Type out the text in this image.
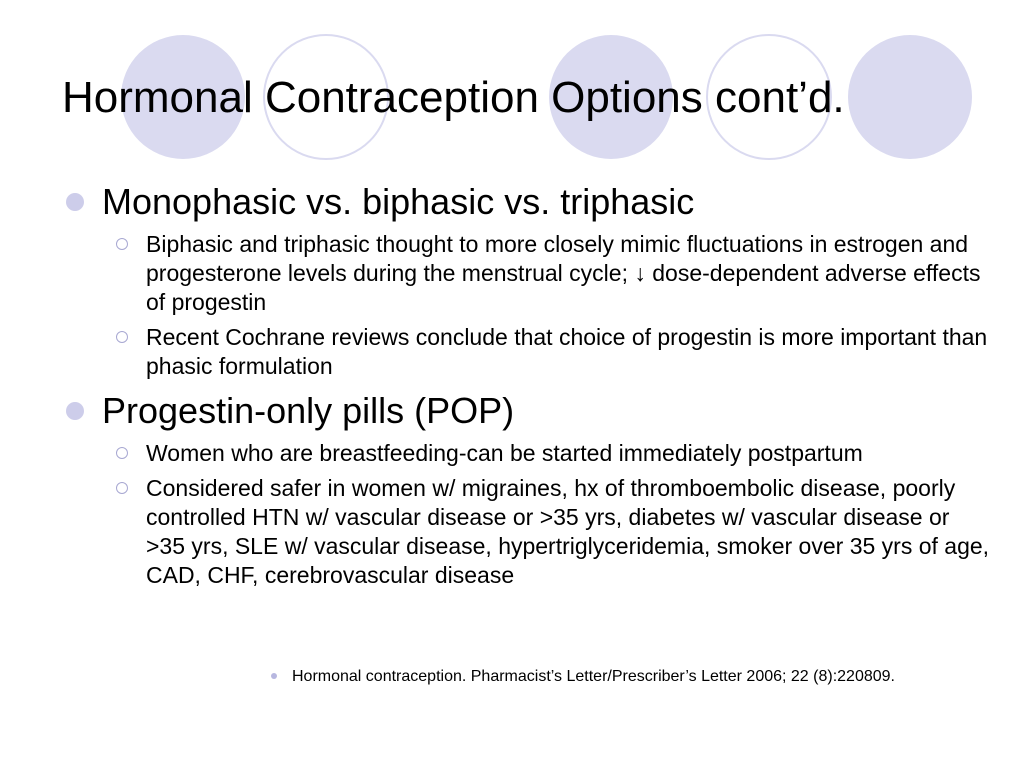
Hormonal Contraception Options cont’d.
Monophasic vs. biphasic vs. triphasic
Biphasic and triphasic thought to more closely mimic fluctuations in estrogen and progesterone levels during the menstrual cycle; ↓ dose-dependent adverse effects of progestin
Recent Cochrane reviews conclude that choice of progestin is more important than phasic formulation
Progestin-only pills (POP)
Women who are breastfeeding-can be started immediately postpartum
Considered safer in women w/ migraines, hx of thromboembolic disease, poorly controlled HTN w/ vascular disease or >35 yrs, diabetes w/ vascular disease or >35 yrs, SLE w/ vascular disease, hypertriglyceridemia, smoker over 35 yrs of age, CAD, CHF, cerebrovascular disease
Hormonal contraception. Pharmacist’s Letter/Prescriber’s Letter 2006; 22 (8):220809.
